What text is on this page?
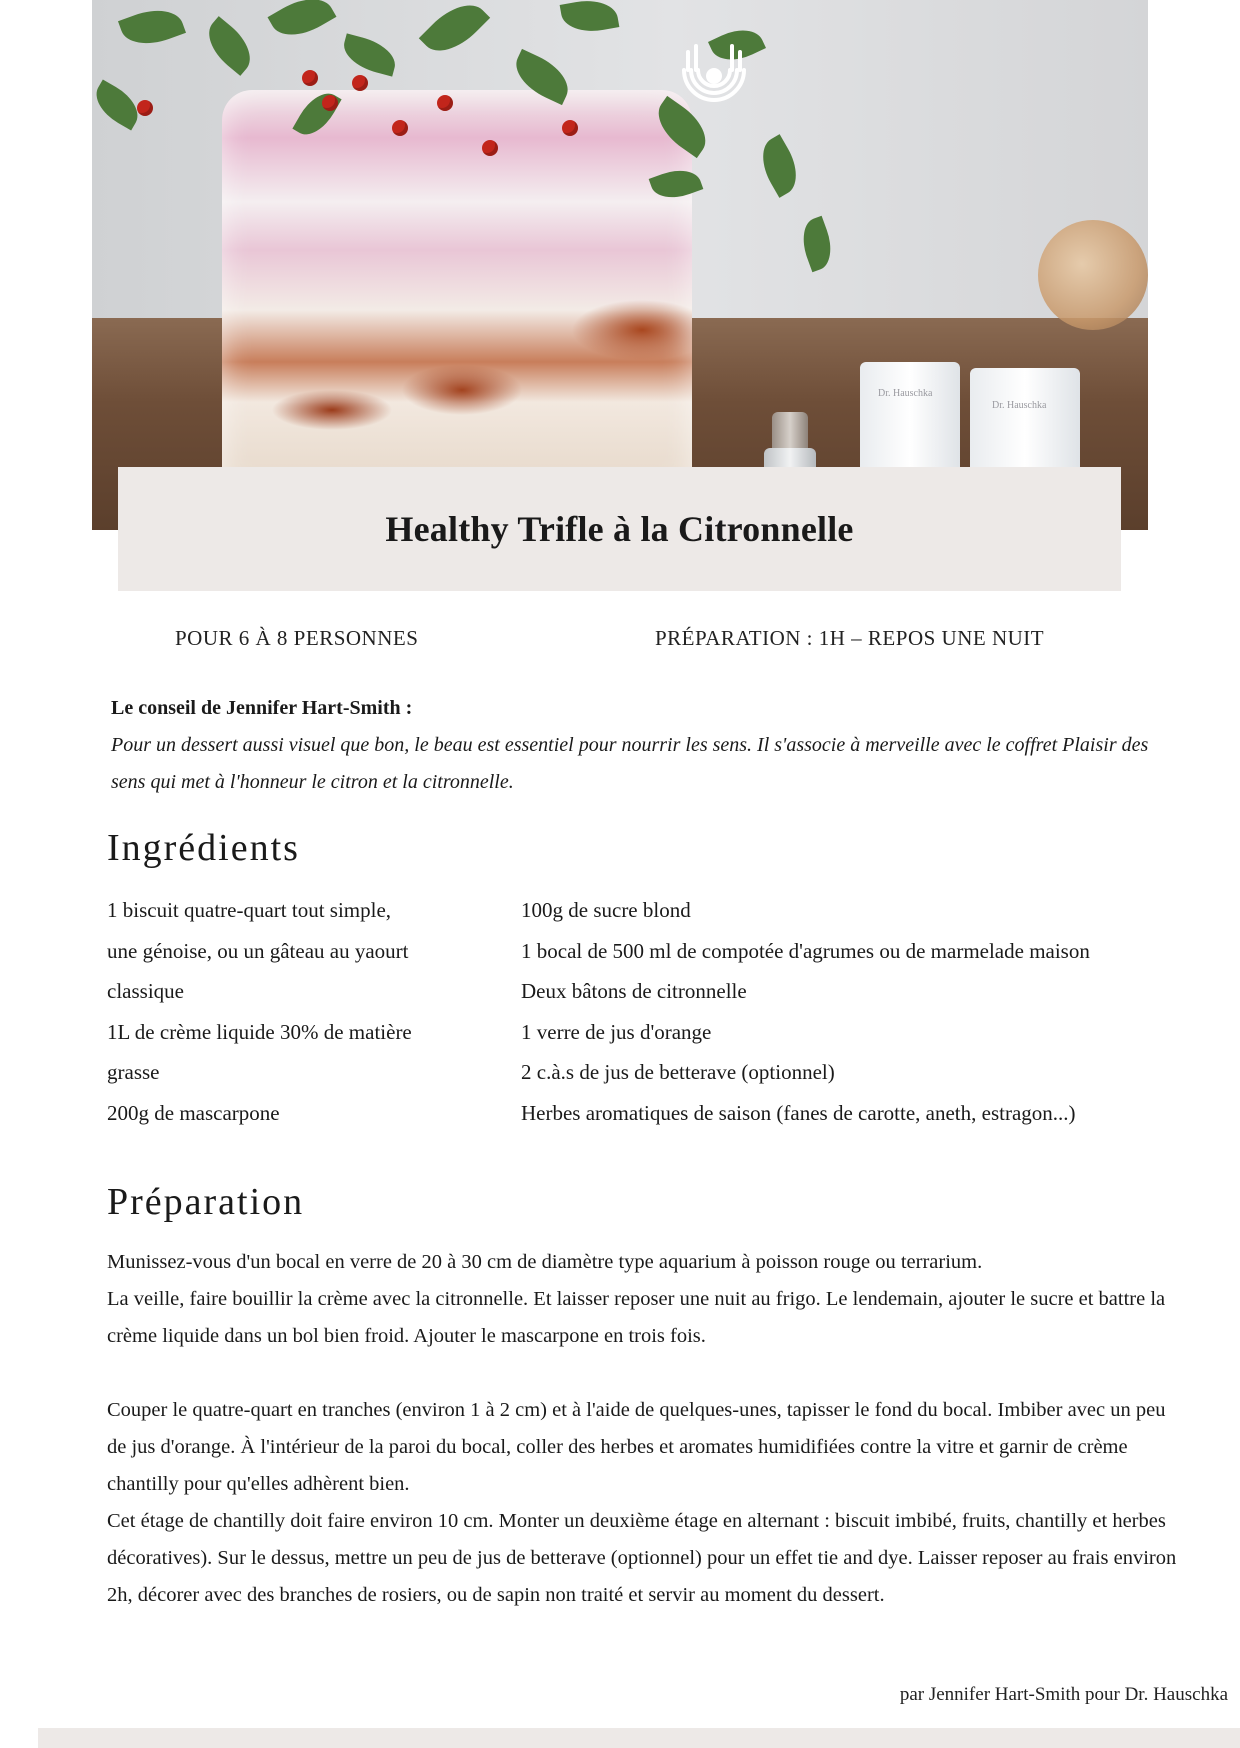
Dr. Hauschka
Dr. Hauschka
Healthy Trifle à la Citronnelle
POUR 6 À 8 PERSONNES	PRÉPARATION : 1H – REPOS UNE NUIT
Le conseil de Jennifer Hart-Smith :
Pour un dessert aussi visuel que bon, le beau est essentiel pour nourrir les sens. Il s'associe à merveille avec le coffret Plaisir des sens qui met à l'honneur le citron et la citronnelle.
Ingrédients
1 biscuit quatre-quart tout simple,
une génoise, ou un gâteau au yaourt
classique
1L de crème liquide 30% de matière
grasse
200g de mascarpone
100g de sucre blond
1 bocal de 500 ml de compotée d'agrumes ou de marmelade maison
Deux bâtons de citronnelle
1 verre de jus d'orange
2 c.à.s de jus de betterave (optionnel)
Herbes aromatiques de saison (fanes de carotte, aneth, estragon...)
Préparation

Munissez-vous d'un bocal en verre de 20 à 30 cm de diamètre type aquarium à poisson rouge ou terrarium.

La veille, faire bouillir la crème avec la citronnelle. Et laisser reposer une nuit au frigo. Le lendemain, ajouter le sucre et battre la crème liquide dans un bol bien froid. Ajouter le mascarpone en trois fois.

Couper le quatre-quart en tranches (environ 1 à 2 cm) et à l'aide de quelques-unes, tapisser le fond du bocal. Imbiber avec un peu de jus d'orange. À l'intérieur de la paroi du bocal, coller des herbes et aromates humidifiées contre la vitre et garnir de crème chantilly pour qu'elles adhèrent bien.

Cet étage de chantilly doit faire environ 10 cm. Monter un deuxième étage en alternant : biscuit imbibé, fruits, chantilly et herbes décoratives). Sur le dessus, mettre un peu de jus de betterave (optionnel) pour un effet tie and dye. Laisser reposer au frais environ 2h, décorer avec des branches de rosiers, ou de sapin non traité et servir au moment du dessert.

par Jennifer Hart-Smith pour Dr. Hauschka
